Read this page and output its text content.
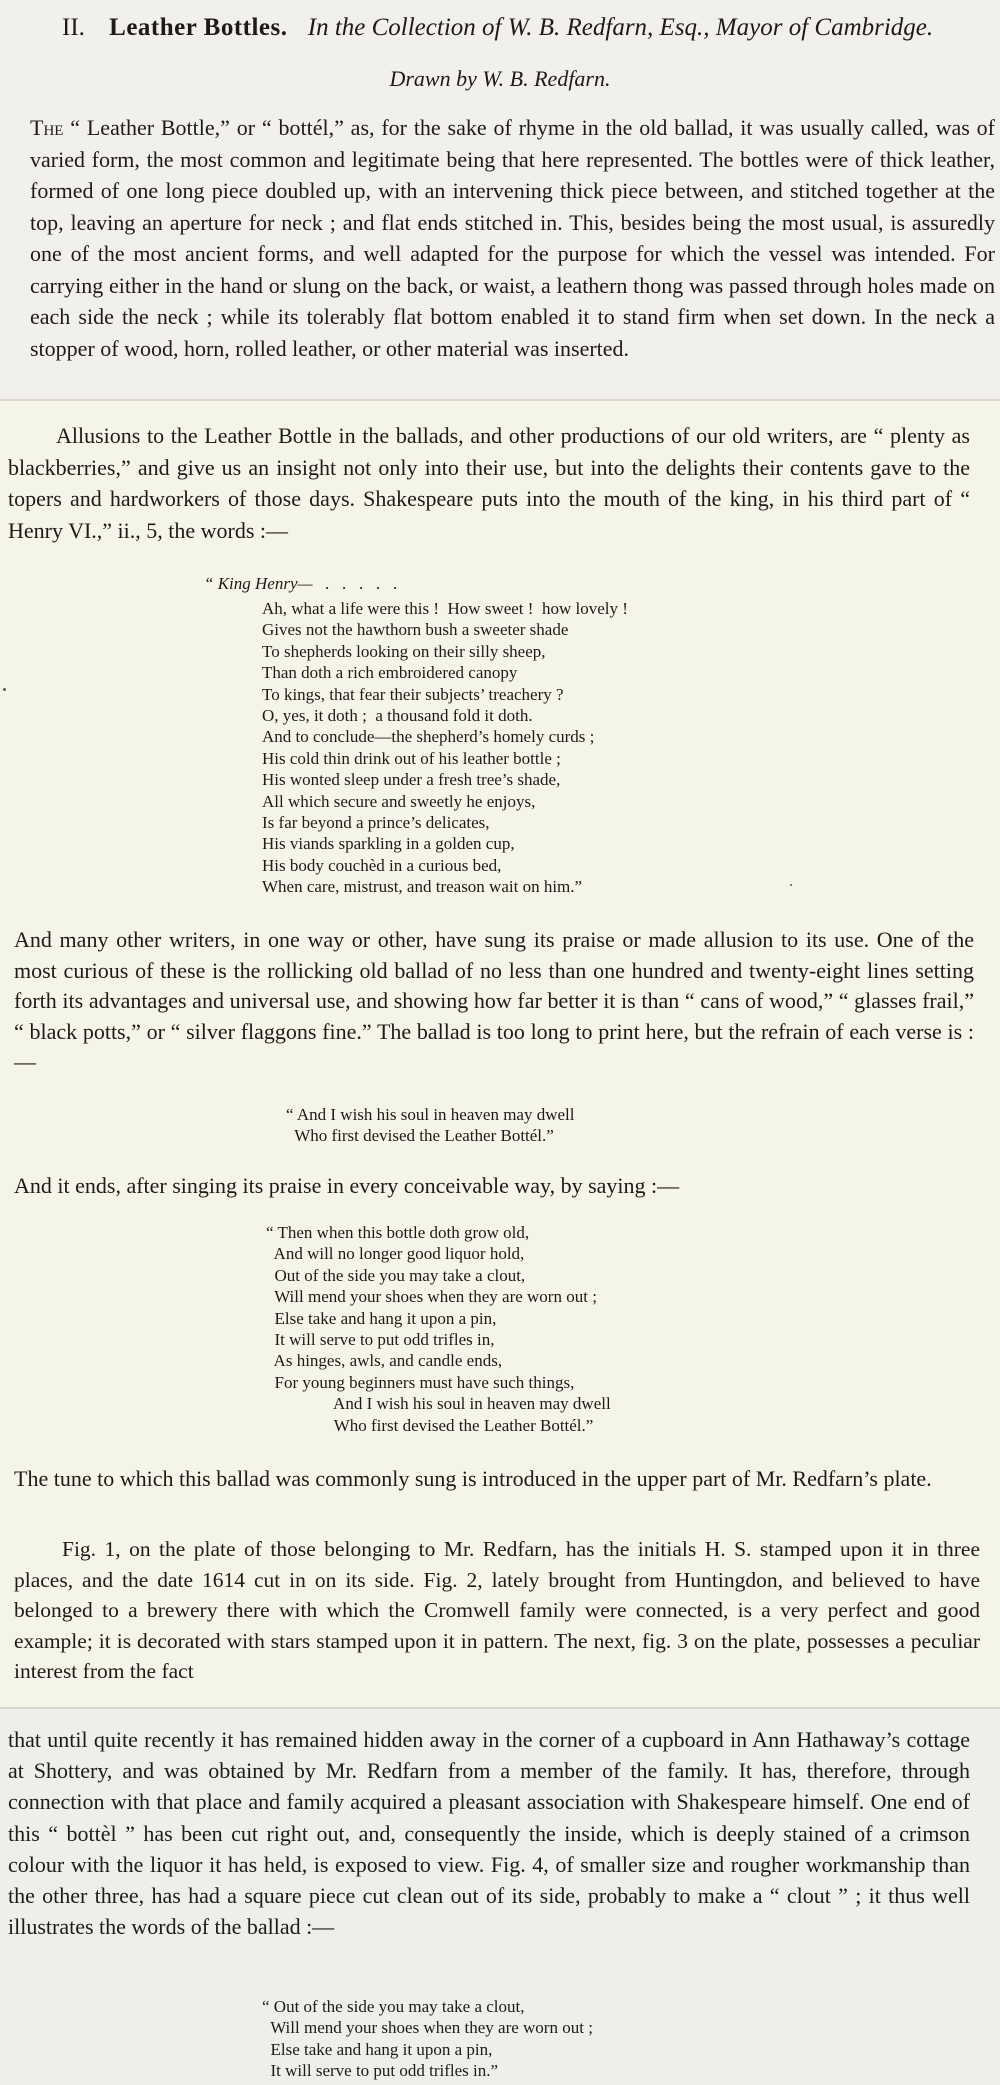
II. Leather Bottles. In the Collection of W. B. Redfarn, Esq., Mayor of Cambridge.
Drawn by W. B. Redfarn.
The “ Leather Bottle,” or “ bottél,” as, for the sake of rhyme in the old ballad, it was usually called, was of varied form, the most common and legitimate being that here represented. The bottles were of thick leather, formed of one long piece doubled up, with an intervening thick piece between, and stitched together at the top, leaving an aperture for neck ; and flat ends stitched in. This, besides being the most usual, is assuredly one of the most ancient forms, and well adapted for the purpose for which the vessel was intended. For carrying either in the hand or slung on the back, or waist, a leathern thong was passed through holes made on each side the neck ; while its tolerably flat bottom enabled it to stand firm when set down. In the neck a stopper of wood, horn, rolled leather, or other material was inserted.
Allusions to the Leather Bottle in the ballads, and other productions of our old writers, are “ plenty as blackberries,” and give us an insight not only into their use, but into the delights their contents gave to the topers and hardworkers of those days. Shakespeare puts into the mouth of the king, in his third part of “ Henry VI.,” ii., 5, the words :—
“ King Henry—   .   .   .   .   .
Ah, what a life were this !  How sweet !  how lovely !
Gives not the hawthorn bush a sweeter shade
To shepherds looking on their silly sheep,
Than doth a rich embroidered canopy
To kings, that fear their subjects’ treachery ?
O, yes, it doth ;  a thousand fold it doth.
And to conclude—the shepherd’s homely curds ;
His cold thin drink out of his leather bottle ;
His wonted sleep under a fresh tree’s shade,
All which secure and sweetly he enjoys,
Is far beyond a prince’s delicates,
His viands sparkling in a golden cup,
His body couchèd in a curious bed,
When care, mistrust, and treason wait on him.”
And many other writers, in one way or other, have sung its praise or made allusion to its use. One of the most curious of these is the rollicking old ballad of no less than one hundred and twenty-eight lines setting forth its advantages and universal use, and showing how far better it is than “ cans of wood,” “ glasses frail,” “ black potts,” or “ silver flaggons fine.” The ballad is too long to print here, but the refrain of each verse is :—
“ And I wish his soul in heaven may dwell
Who first devised the Leather Bottél.”
And it ends, after singing its praise in every conceivable way, by saying :—
“ Then when this bottle doth grow old,
And will no longer good liquor hold,
Out of the side you may take a clout,
Will mend your shoes when they are worn out ;
Else take and hang it upon a pin,
It will serve to put odd trifles in,
As hinges, awls, and candle ends,
For young beginners must have such things,
And I wish his soul in heaven may dwell
Who first devised the Leather Bottél.”
The tune to which this ballad was commonly sung is introduced in the upper part of Mr. Redfarn’s plate.
Fig. 1, on the plate of those belonging to Mr. Redfarn, has the initials H. S. stamped upon it in three places, and the date 1614 cut in on its side. Fig. 2, lately brought from Huntingdon, and believed to have belonged to a brewery there with which the Cromwell family were connected, is a very perfect and good example; it is decorated with stars stamped upon it in pattern. The next, fig. 3 on the plate, possesses a peculiar interest from the fact
that until quite recently it has remained hidden away in the corner of a cupboard in Ann Hathaway’s cottage at Shottery, and was obtained by Mr. Redfarn from a member of the family. It has, therefore, through connection with that place and family acquired a pleasant association with Shakespeare himself. One end of this “ bottèl ” has been cut right out, and, consequently the inside, which is deeply stained of a crimson colour with the liquor it has held, is exposed to view. Fig. 4, of smaller size and rougher workmanship than the other three, has had a square piece cut clean out of its side, probably to make a “ clout ” ; it thus well illustrates the words of the ballad :—
“ Out of the side you may take a clout,
Will mend your shoes when they are worn out ;
Else take and hang it upon a pin,
It will serve to put odd trifles in.”
